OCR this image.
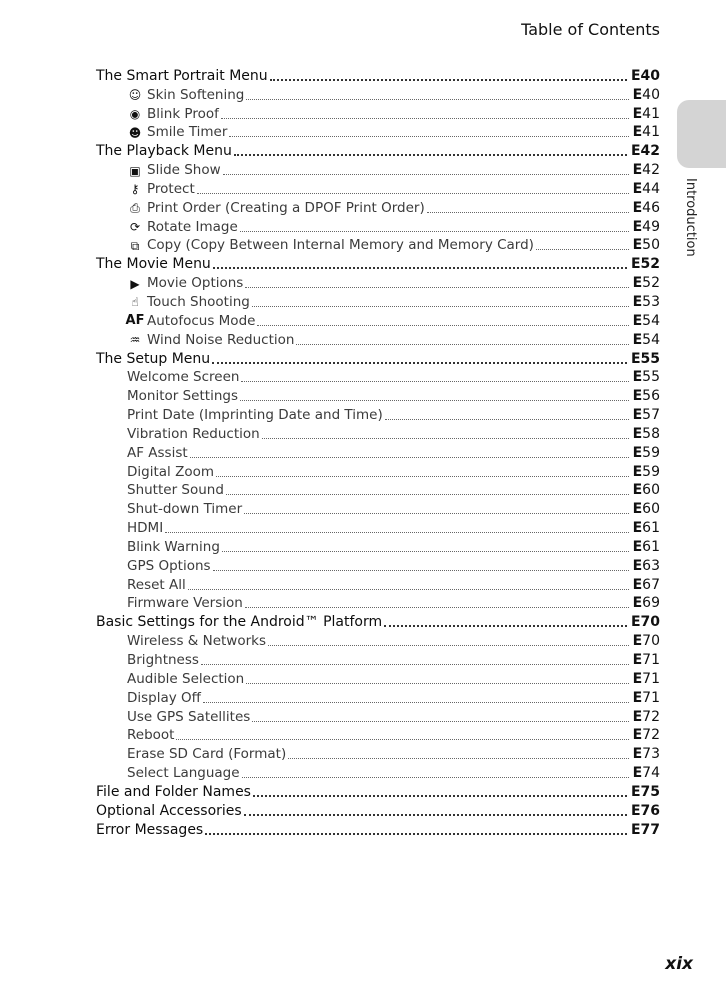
Table of Contents
Introduction
The Smart Portrait Menu	E40
☺ Skin Softening	E40
◉ Blink Proof	E41
☻ Smile Timer	E41
The Playback Menu	E42
▣ Slide Show	E42
⚷ Protect	E44
⎙ Print Order (Creating a DPOF Print Order)	E46
⟳ Rotate Image	E49
⧉ Copy (Copy Between Internal Memory and Memory Card)	E50
The Movie Menu	E52
▶ Movie Options	E52
☝ Touch Shooting	E53
AF Autofocus Mode	E54
♒ Wind Noise Reduction	E54
The Setup Menu	E55
Welcome Screen	E55
Monitor Settings	E56
Print Date (Imprinting Date and Time)	E57
Vibration Reduction	E58
AF Assist	E59
Digital Zoom	E59
Shutter Sound	E60
Shut-down Timer	E60
HDMI	E61
Blink Warning	E61
GPS Options	E63
Reset All	E67
Firmware Version	E69
Basic Settings for the Android™ Platform	E70
Wireless & Networks	E70
Brightness	E71
Audible Selection	E71
Display Off	E71
Use GPS Satellites	E72
Reboot	E72
Erase SD Card (Format)	E73
Select Language	E74
File and Folder Names	E75
Optional Accessories	E76
Error Messages	E77
xix
